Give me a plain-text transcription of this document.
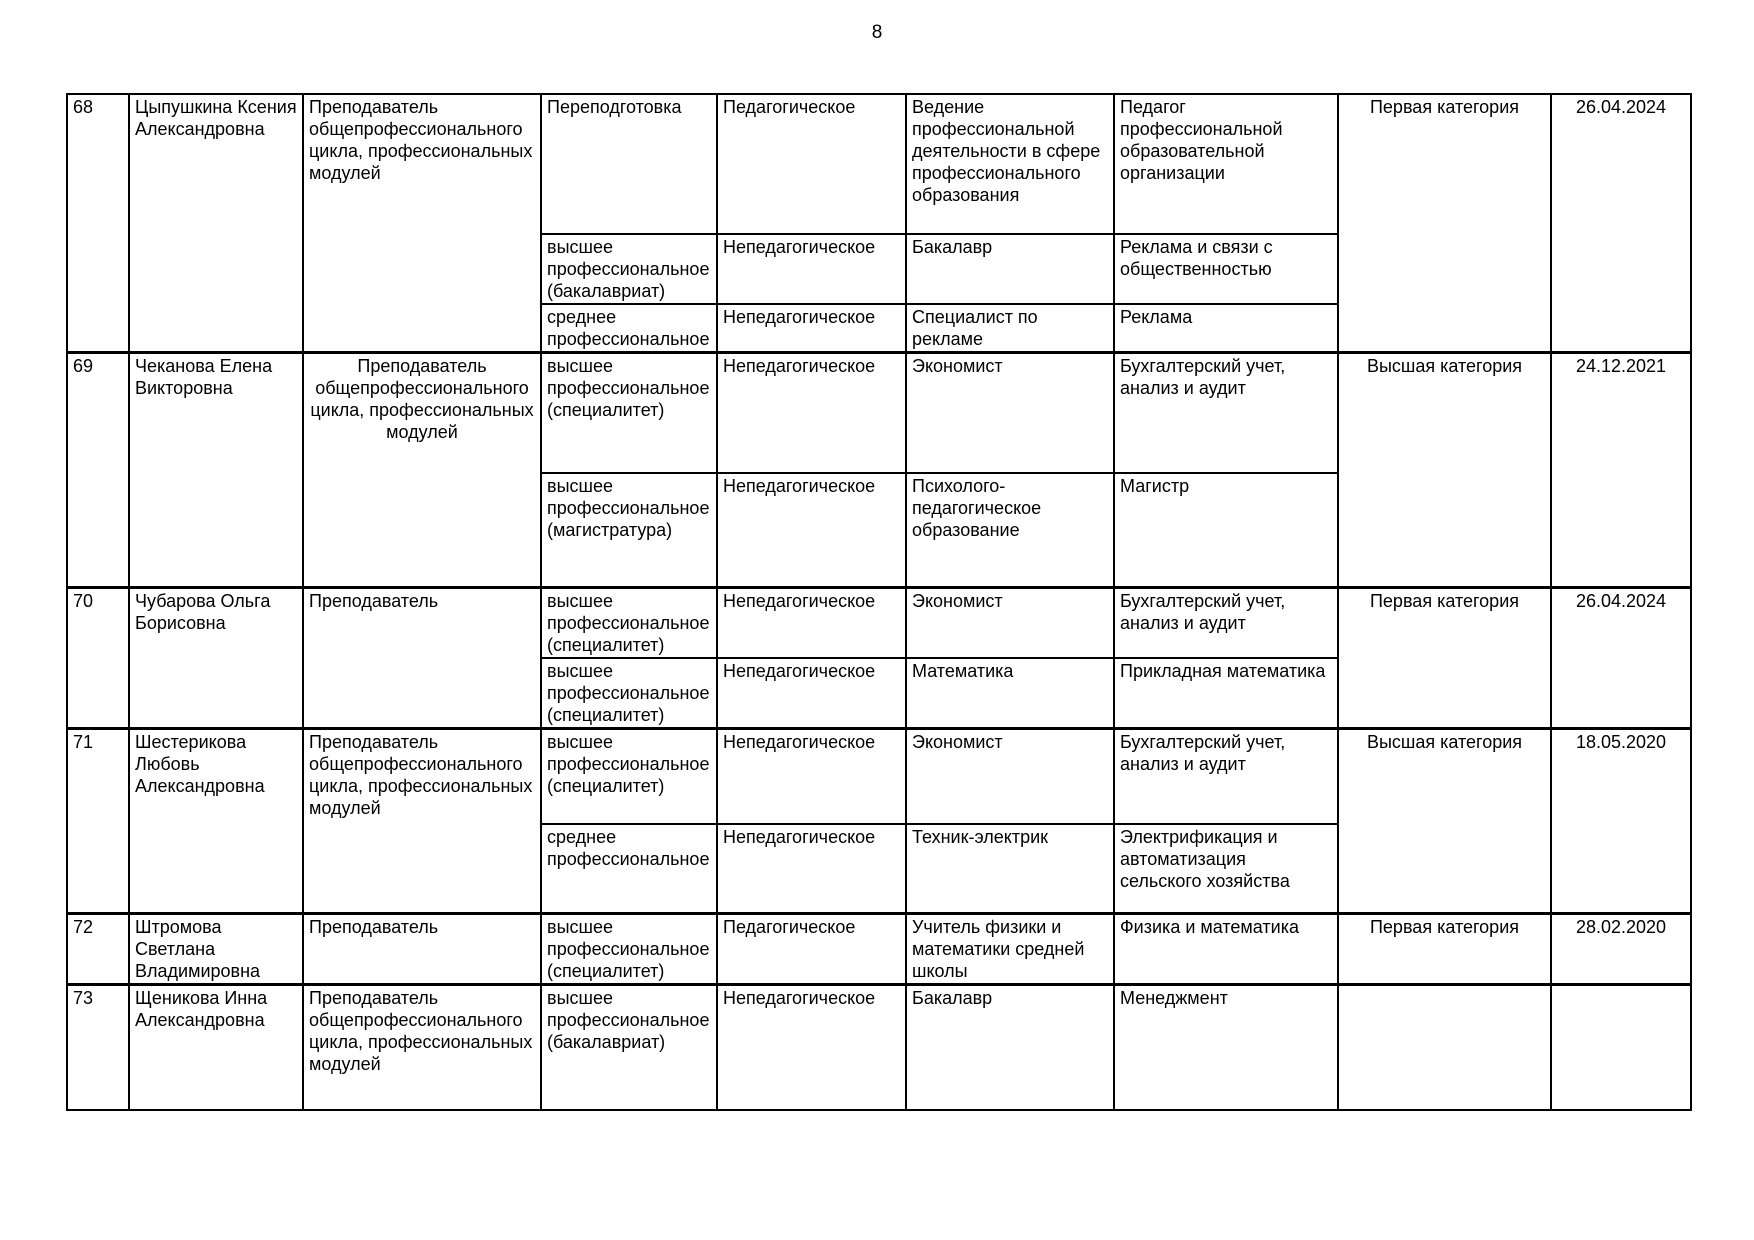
8
68	Цыпушкина Ксения Александровна	Преподаватель общепрофессионального цикла, профессиональных модулей	Переподготовка	Педагогическое	Ведение профессиональной деятельности в сфере профессионального образования	Педагог профессиональной образовательной организации	Первая категория	26.04.2024
			высшее профессиональное (бакалавриат)	Непедагогическое	Бакалавр	Реклама и связи с общественностью		
			среднее профессиональное	Непедагогическое	Специалист по рекламе	Реклама		
69	Чеканова Елена Викторовна	Преподаватель общепрофессионального цикла, профессиональных модулей	высшее профессиональное (специалитет)	Непедагогическое	Экономист	Бухгалтерский учет, анализ и аудит	Высшая категория	24.12.2021
			высшее профессиональное (магистратура)	Непедагогическое	Психолого-педагогическое образование	Магистр		
70	Чубарова Ольга Борисовна	Преподаватель	высшее профессиональное (специалитет)	Непедагогическое	Экономист	Бухгалтерский учет, анализ и аудит	Первая категория	26.04.2024
			высшее профессиональное (специалитет)	Непедагогическое	Математика	Прикладная математика		
71	Шестерикова Любовь Александровна	Преподаватель общепрофессионального цикла, профессиональных модулей	высшее профессиональное (специалитет)	Непедагогическое	Экономист	Бухгалтерский учет, анализ и аудит	Высшая категория	18.05.2020
			среднее профессиональное	Непедагогическое	Техник-электрик	Электрификация и автоматизация сельского хозяйства		
72	Штромова Светлана Владимировна	Преподаватель	высшее профессиональное (специалитет)	Педагогическое	Учитель физики и математики средней школы	Физика и математика	Первая категория	28.02.2020
73	Щеникова Инна Александровна	Преподаватель общепрофессионального цикла, профессиональных модулей	высшее профессиональное (бакалавриат)	Непедагогическое	Бакалавр	Менеджмент		
